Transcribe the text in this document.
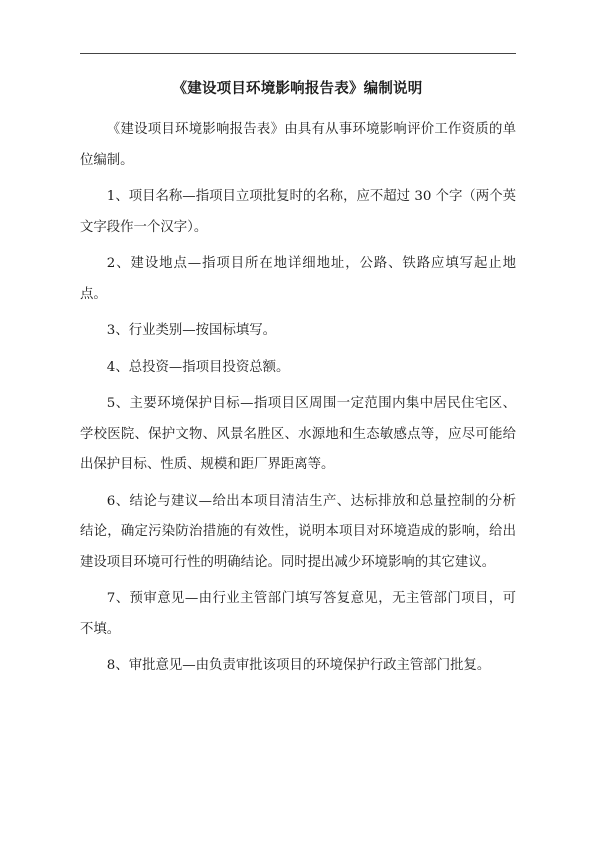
《建设项目环境影响报告表》编制说明

《建设项目环境影响报告表》由具有从事环境影响评价工作资质的单位编制。

1、项目名称—指项目立项批复时的名称，应不超过 30 个字（两个英文字段作一个汉字）。

2、建设地点—指项目所在地详细地址，公路、铁路应填写起止地点。

3、行业类别—按国标填写。

4、总投资—指项目投资总额。

5、主要环境保护目标—指项目区周围一定范围内集中居民住宅区、学校医院、保护文物、风景名胜区、水源地和生态敏感点等，应尽可能给出保护目标、性质、规模和距厂界距离等。

6、结论与建议—给出本项目清洁生产、达标排放和总量控制的分析结论，确定污染防治措施的有效性，说明本项目对环境造成的影响，给出建设项目环境可行性的明确结论。同时提出减少环境影响的其它建议。

7、预审意见—由行业主管部门填写答复意见，无主管部门项目，可不填。

8、审批意见—由负责审批该项目的环境保护行政主管部门批复。
